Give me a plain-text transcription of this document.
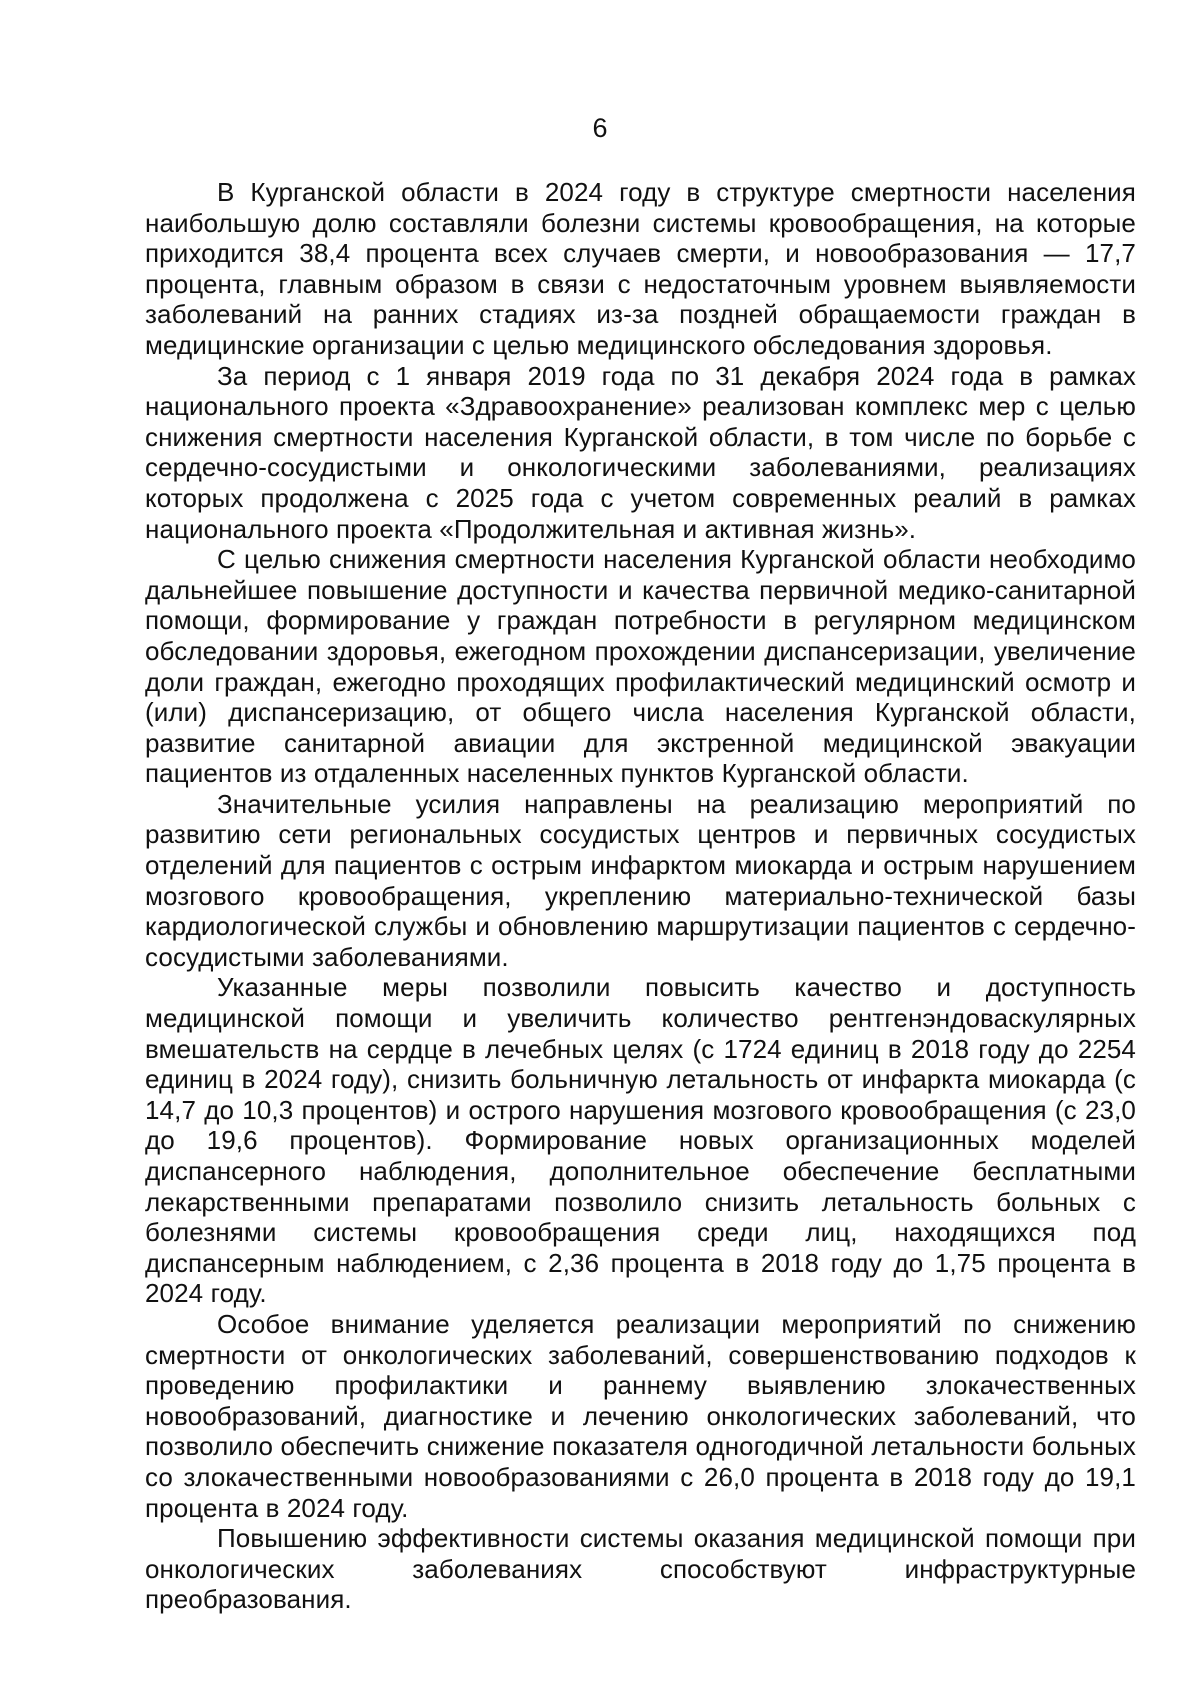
6

В Курганской области в 2024 году в структуре смертности населения наибольшую долю составляли болезни системы кровообращения, на которые приходится 38,4 процента всех случаев смерти, и новообразования — 17,7 процента, главным образом в связи с недостаточным уровнем выявляемости заболеваний на ранних стадиях из-за поздней обращаемости граждан в медицинские организации с целью медицинского обследования здоровья.

За период с 1 января 2019 года по 31 декабря 2024 года в рамках национального проекта «Здравоохранение» реализован комплекс мер с целью снижения смертности населения Курганской области, в том числе по борьбе с сердечно-сосудистыми и онкологическими заболеваниями, реализациях которых продолжена с 2025 года с учетом современных реалий в рамках национального проекта «Продолжительная и активная жизнь».

С целью снижения смертности населения Курганской области необходимо дальнейшее повышение доступности и качества первичной медико-санитарной помощи, формирование у граждан потребности в регулярном медицинском обследовании здоровья, ежегодном прохождении диспансеризации, увеличение доли граждан, ежегодно проходящих профилактический медицинский осмотр и (или) диспансеризацию, от общего числа населения Курганской области, развитие санитарной авиации для экстренной медицинской эвакуации пациентов из отдаленных населенных пунктов Курганской области.

Значительные усилия направлены на реализацию мероприятий по развитию сети региональных сосудистых центров и первичных сосудистых отделений для пациентов с острым инфарктом миокарда и острым нарушением мозгового кровообращения, укреплению материально-технической базы кардиологической службы и обновлению маршрутизации пациентов с сердечно-сосудистыми заболеваниями.

Указанные меры позволили повысить качество и доступность медицинской помощи и увеличить количество рентгенэндоваскулярных вмешательств на сердце в лечебных целях (с 1724 единиц в 2018 году до 2254 единиц в 2024 году), снизить больничную летальность от инфаркта миокарда (с 14,7 до 10,3 процентов) и острого нарушения мозгового кровообращения (с 23,0 до 19,6 процентов). Формирование новых организационных моделей диспансерного наблюдения, дополнительное обеспечение бесплатными лекарственными препаратами позволило снизить летальность больных с болезнями системы кровообращения среди лиц, находящихся под диспансерным наблюдением, с 2,36 процента в 2018 году до 1,75 процента в 2024 году.

Особое внимание уделяется реализации мероприятий по снижению смертности от онкологических заболеваний, совершенствованию подходов к проведению профилактики и раннему выявлению злокачественных новообразований, диагностике и лечению онкологических заболеваний, что позволило обеспечить снижение показателя одногодичной летальности больных со злокачественными новообразованиями с 26,0 процента в 2018 году до 19,1 процента в 2024 году.

Повышению эффективности системы оказания медицинской помощи при онкологических заболеваниях способствуют инфраструктурные преобразования.
